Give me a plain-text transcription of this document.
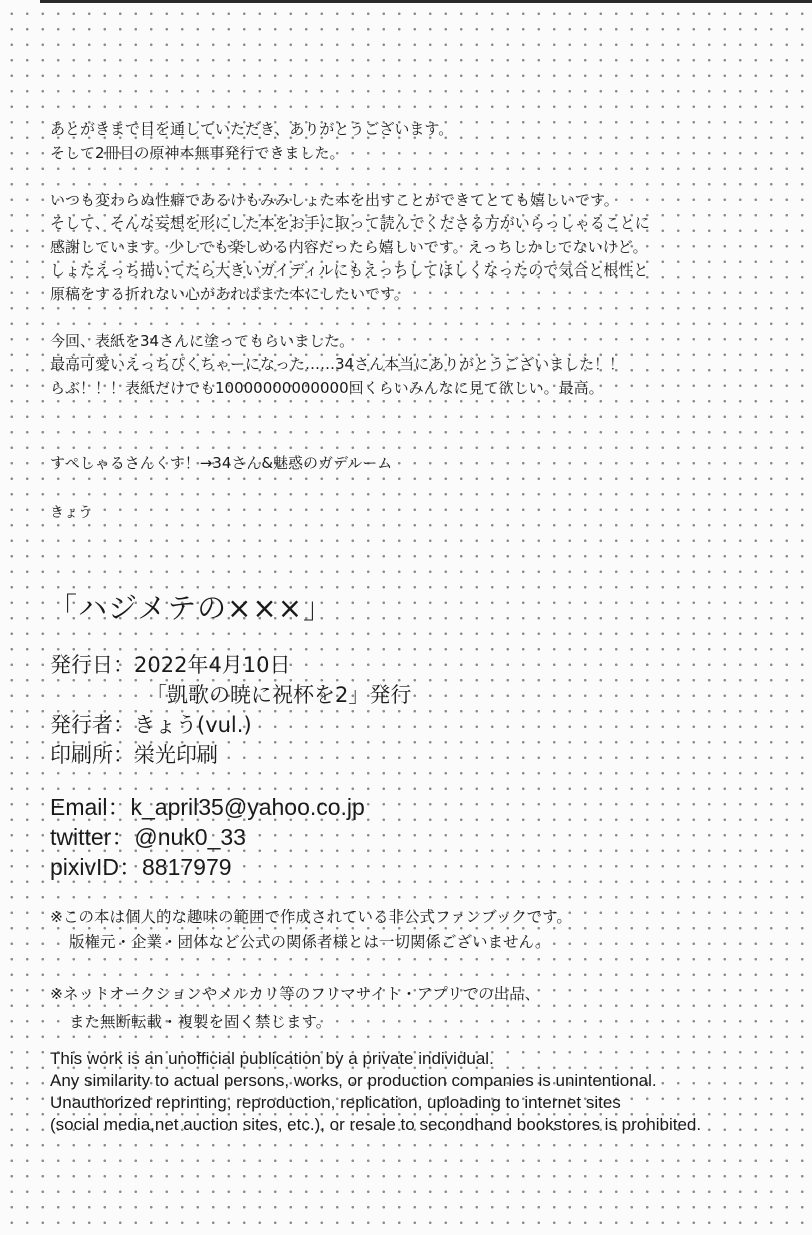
あとがきまで目を通していただき、ありがとうございます。
そして2冊目の原神本無事発行できました。
いつも変わらぬ性癖であるけもみみしょた本を出すことができてとても嬉しいです。
そして、そんな妄想を形にした本をお手に取って読んでくださる方がいらっしゃることに
感謝しています。少しでも楽しめる内容だったら嬉しいです。えっちしかしてないけど。
しょたえっち描いてたら大きいガイディルにもえっちしてほしくなったので気合と根性と
原稿をする折れない心があればまた本にしたいです。
今回、表紙を34さんに塗ってもらいました。
最高可愛いえっちぴくちゃーになった……34さん本当にありがとうございました！！
らぶ！！！表紙だけでも10000000000000回くらいみんなに見て欲しい。最高。
すぺしゃるさんくす！→34さん&魅惑のガデルーム
きょう
「ハジメテの×××」
発行日：2022年4月10日
「凱歌の暁に祝杯を2」発行
発行者：きょう(vul.)
印刷所：栄光印刷
Email：k_april35@yahoo.co.jp
twitter：@nuk0_33
pixivID：8817979
※この本は個人的な趣味の範囲で作成されている非公式ファンブックです。
版権元・企業・団体など公式の関係者様とは一切関係ございません。
※ネットオークションやメルカリ等のフリマサイト・アプリでの出品、
また無断転載・複製を固く禁じます。
This work is an unofficial publication by a private individual.
Any similarity to actual persons, works, or production companies is unintentional.
Unauthorized reprinting, reproduction, replication, uploading to internet sites
(social media,net auction sites, etc.), or resale to secondhand bookstores is prohibited.
